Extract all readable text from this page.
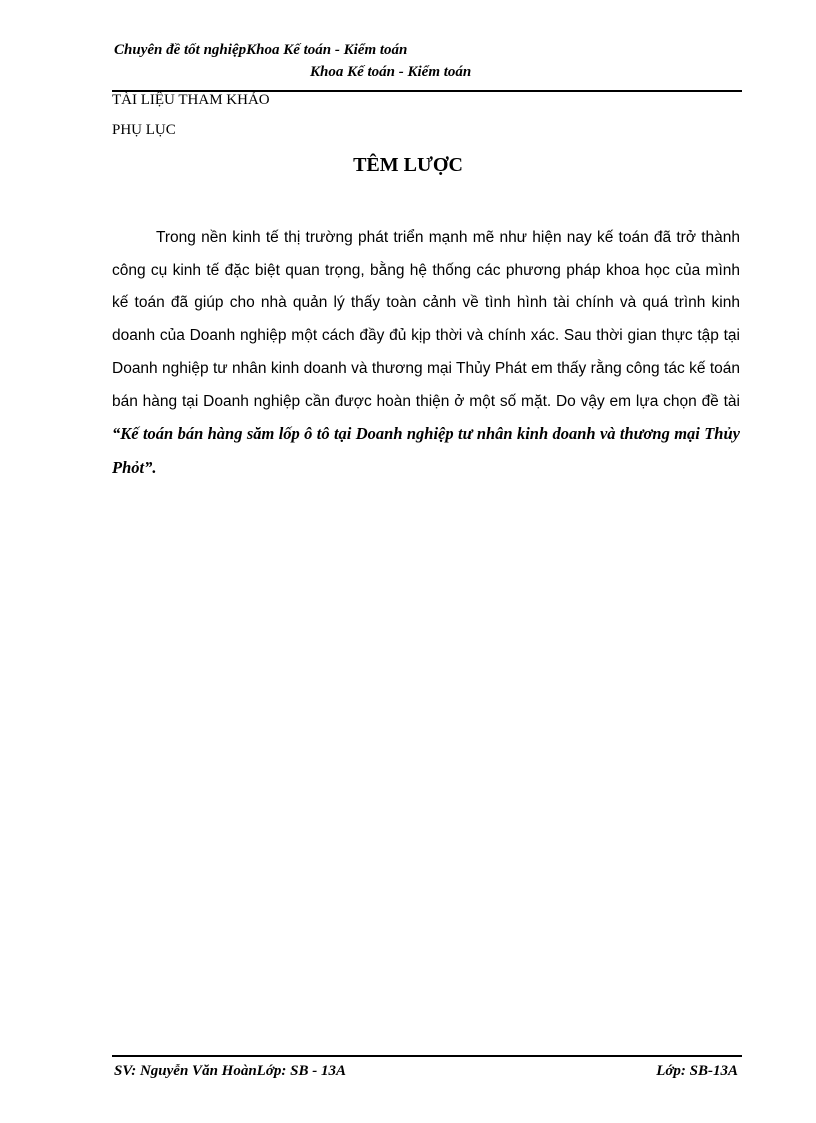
Chuyên đề tốt nghiệpKhoa Kế toán - Kiểm toán
Khoa Kế toán - Kiểm toán
TÀI LIỆU THAM KHẢO
PHỤ LỤC
TÊM LƯỢC
Trong nền kinh tế thị trường phát triển mạnh mẽ như hiện nay kế toán đã trở thành công cụ kinh tế đặc biệt quan trọng, bằng hệ thống các phương pháp khoa học của mình kế toán đã giúp cho nhà quản lý thấy toàn cảnh về tình hình tài chính và quá trình kinh doanh của Doanh nghiệp một cách đầy đủ kịp thời và chính xác. Sau thời gian thực tập tại Doanh nghiệp tư nhân kinh doanh và thương mại Thủy Phát em thấy rằng công tác kế toán bán hàng tại Doanh nghiệp cần được hoàn thiện ở một số mặt. Do vậy em lựa chọn đề tài “Kế toán bán hàng săm lốp ô tô tại Doanh nghiệp tư nhân kinh doanh và thương mại Thủy Phỏt”.
SV: Nguyễn Văn HoànLớp: SB - 13A	Lớp: SB-13A
